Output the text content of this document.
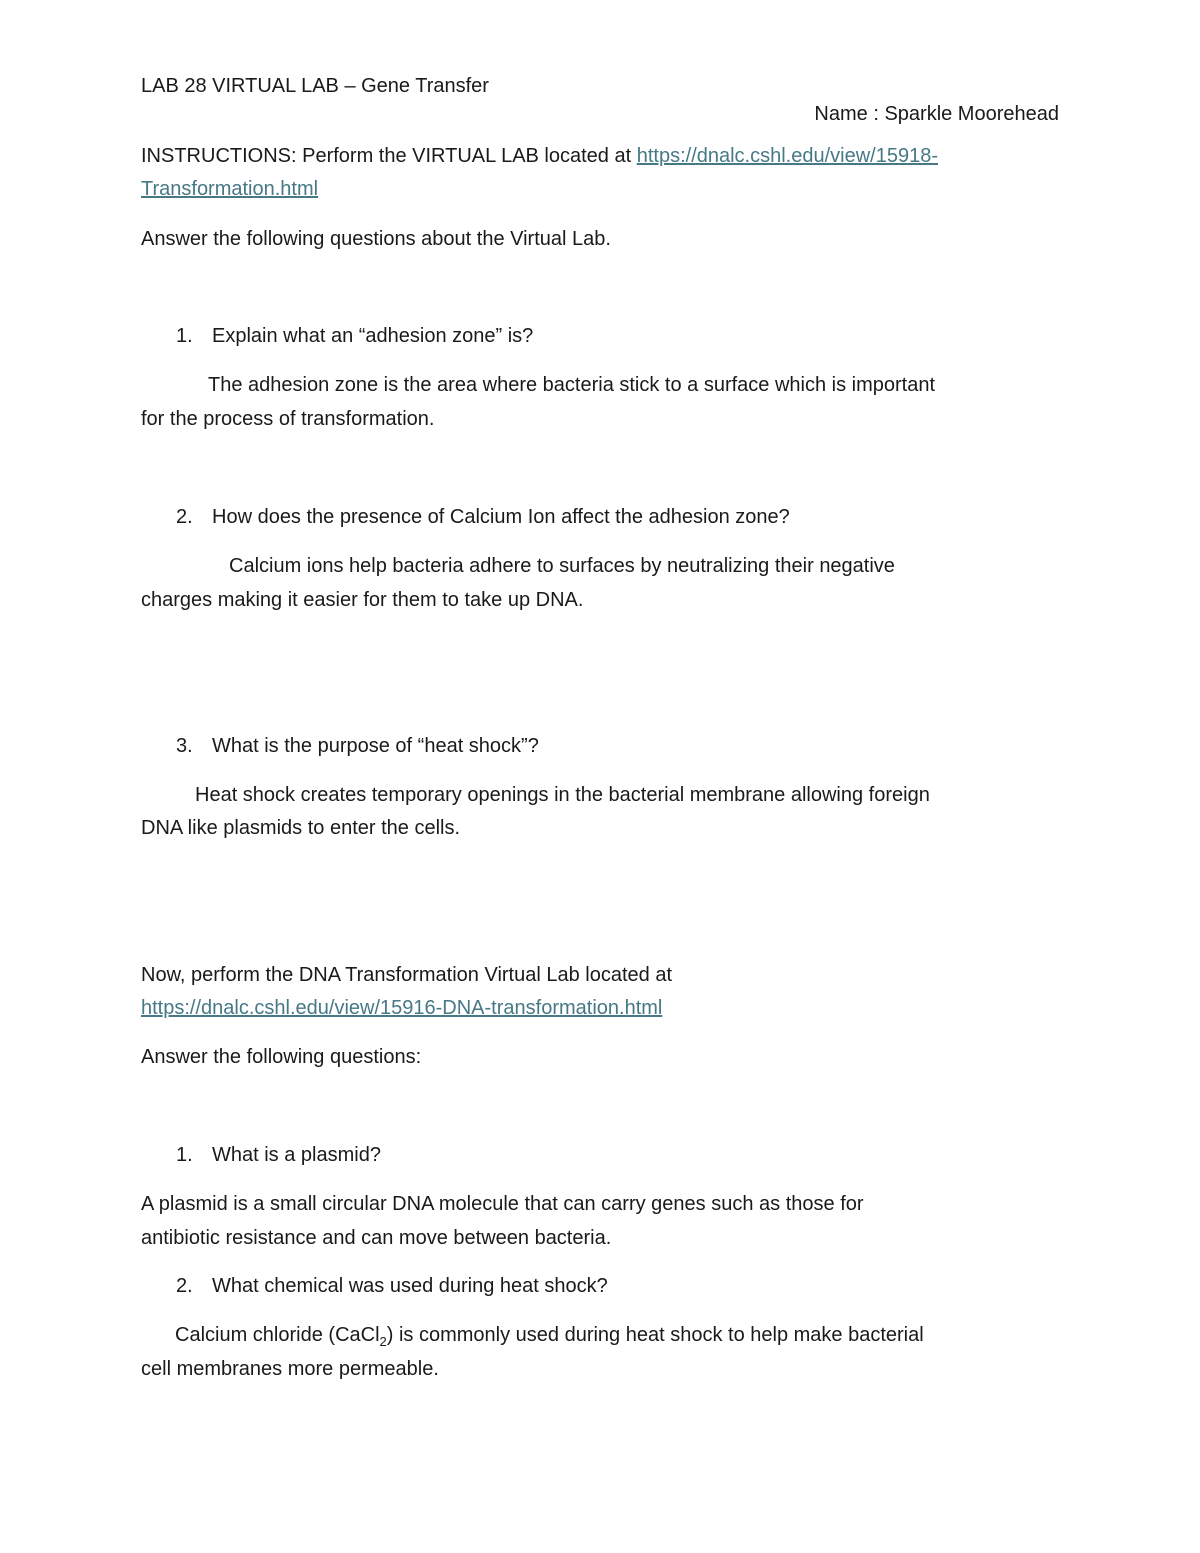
LAB 28 VIRTUAL LAB – Gene Transfer
Name : Sparkle Moorehead
INSTRUCTIONS: Perform the VIRTUAL LAB located at https://dnalc.cshl.edu/view/15918-
Transformation.html
Answer the following questions about the Virtual Lab.
1. Explain what an “adhesion zone” is?
The adhesion zone is the area where bacteria stick to a surface which is important
for the process of transformation.
2. How does the presence of Calcium Ion affect the adhesion zone?
Calcium ions help bacteria adhere to surfaces by neutralizing their negative
charges making it easier for them to take up DNA.
3. What is the purpose of “heat shock”?
Heat shock creates temporary openings in the bacterial membrane allowing foreign
DNA like plasmids to enter the cells.
Now, perform the DNA Transformation Virtual Lab located at
https://dnalc.cshl.edu/view/15916-DNA-transformation.html
Answer the following questions:
1. What is a plasmid?
A plasmid is a small circular DNA molecule that can carry genes such as those for
antibiotic resistance and can move between bacteria.
2. What chemical was used during heat shock?
Calcium chloride (CaCl$_2$) is commonly used during heat shock to help make bacterial
cell membranes more permeable.
